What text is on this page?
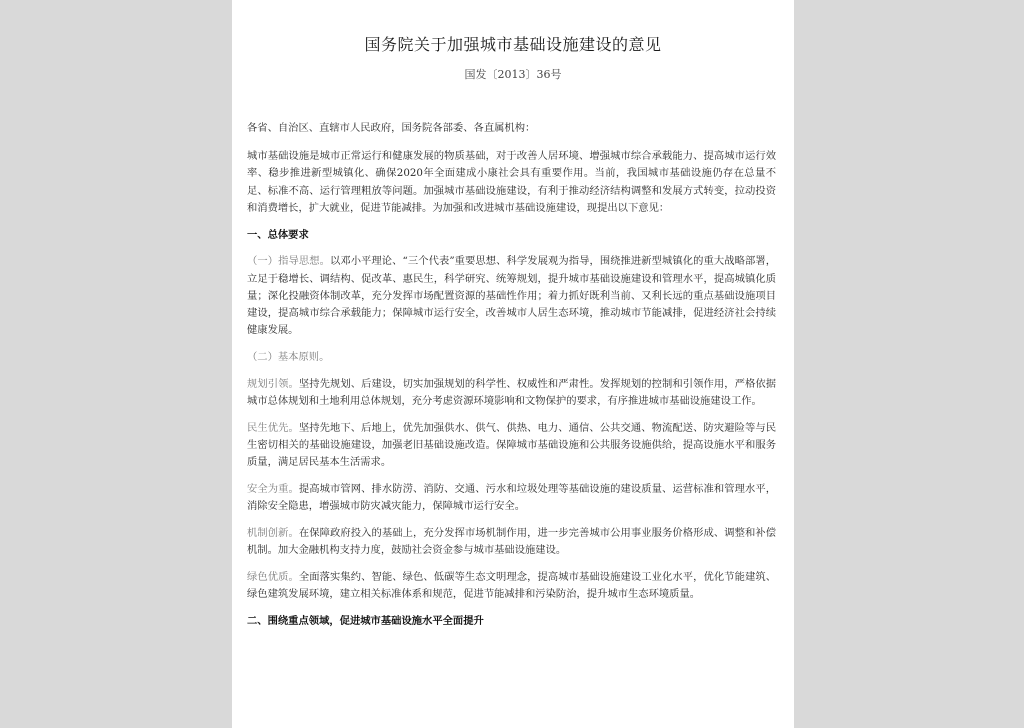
国务院关于加强城市基础设施建设的意见
国发〔2013〕36号

各省、自治区、直辖市人民政府，国务院各部委、各直属机构：

城市基础设施是城市正常运行和健康发展的物质基础，对于改善人居环境、增强城市综合承载能力、提高城市运行效率、稳步推进新型城镇化、确保2020年全面建成小康社会具有重要作用。当前，我国城市基础设施仍存在总量不足、标准不高、运行管理粗放等问题。加强城市基础设施建设，有利于推动经济结构调整和发展方式转变，拉动投资和消费增长，扩大就业，促进节能减排。为加强和改进城市基础设施建设，现提出以下意见：

一、总体要求

（一）指导思想。以邓小平理论、“三个代表”重要思想、科学发展观为指导，围绕推进新型城镇化的重大战略部署，立足于稳增长、调结构、促改革、惠民生，科学研究、统筹规划，提升城市基础设施建设和管理水平，提高城镇化质量；深化投融资体制改革，充分发挥市场配置资源的基础性作用；着力抓好既利当前、又利长远的重点基础设施项目建设，提高城市综合承载能力；保障城市运行安全，改善城市人居生态环境，推动城市节能减排，促进经济社会持续健康发展。

（二）基本原则。

规划引领。坚持先规划、后建设，切实加强规划的科学性、权威性和严肃性。发挥规划的控制和引领作用，严格依据城市总体规划和土地利用总体规划，充分考虑资源环境影响和文物保护的要求，有序推进城市基础设施建设工作。

民生优先。坚持先地下、后地上，优先加强供水、供气、供热、电力、通信、公共交通、物流配送、防灾避险等与民生密切相关的基础设施建设，加强老旧基础设施改造。保障城市基础设施和公共服务设施供给，提高设施水平和服务质量，满足居民基本生活需求。

安全为重。提高城市管网、排水防涝、消防、交通、污水和垃圾处理等基础设施的建设质量、运营标准和管理水平，消除安全隐患，增强城市防灾减灾能力，保障城市运行安全。

机制创新。在保障政府投入的基础上，充分发挥市场机制作用，进一步完善城市公用事业服务价格形成、调整和补偿机制。加大金融机构支持力度，鼓励社会资金参与城市基础设施建设。

绿色优质。全面落实集约、智能、绿色、低碳等生态文明理念，提高城市基础设施建设工业化水平，优化节能建筑、绿色建筑发展环境，建立相关标准体系和规范，促进节能减排和污染防治，提升城市生态环境质量。

二、围绕重点领域，促进城市基础设施水平全面提升
